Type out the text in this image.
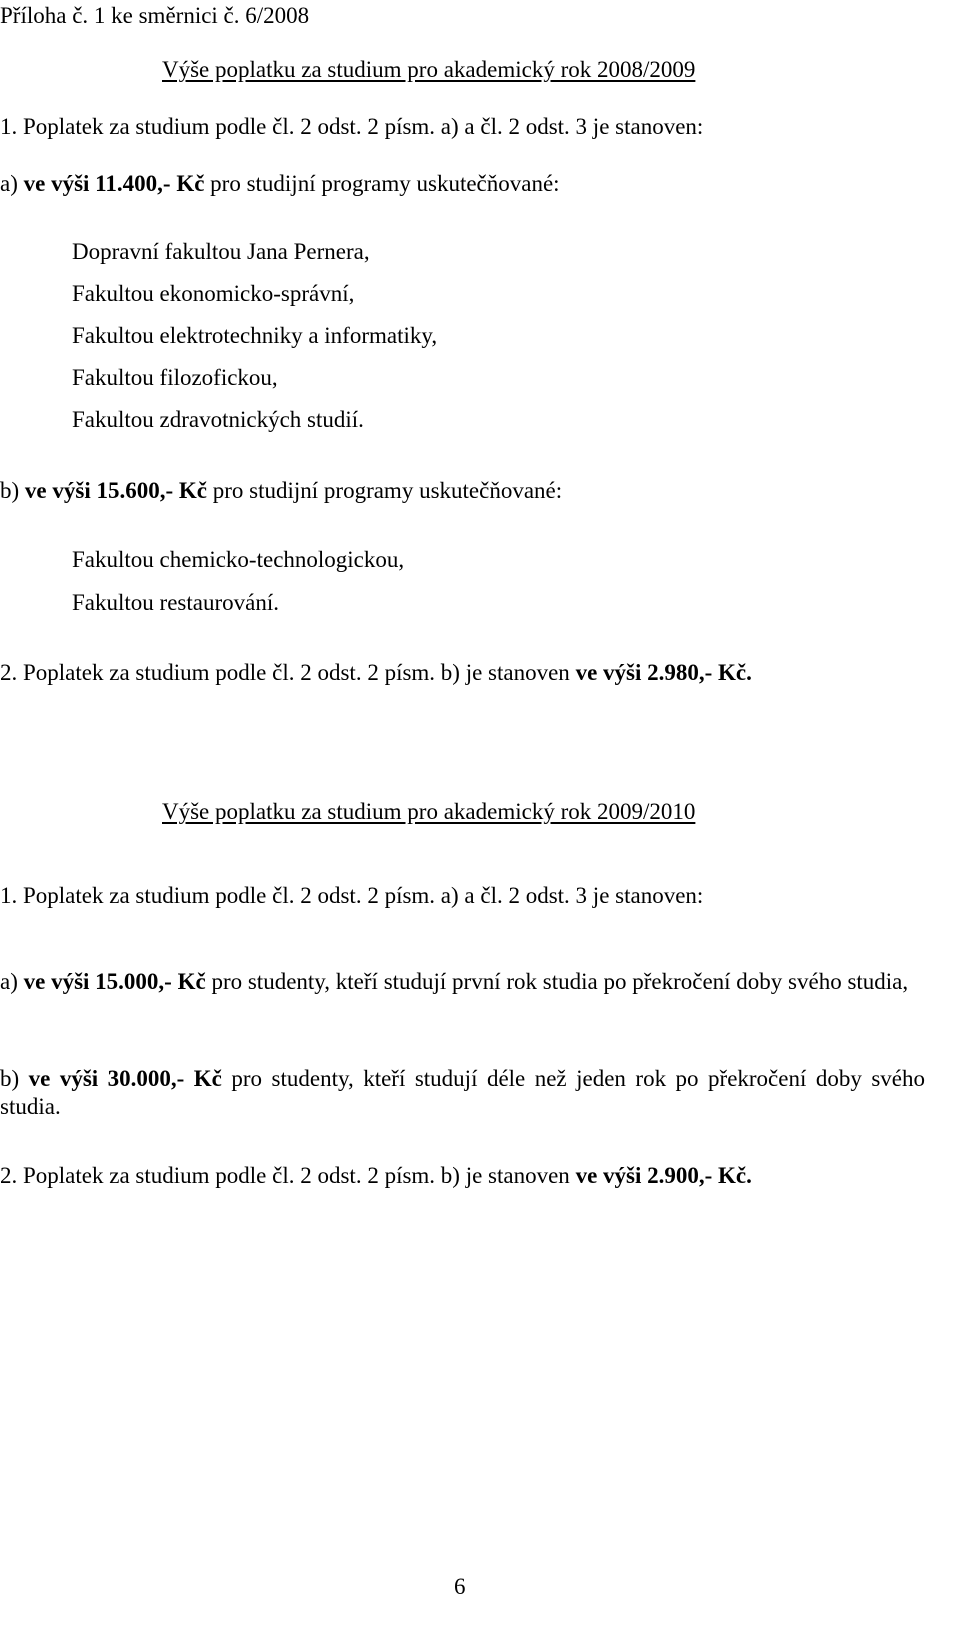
Příloha č. 1 ke směrnici č. 6/2008
Výše poplatku za studium pro akademický rok 2008/2009
1. Poplatek za studium podle čl. 2 odst. 2 písm. a) a čl. 2 odst. 3 je stanoven:
a) ve výši 11.400,- Kč pro studijní programy uskutečňované:
Dopravní fakultou Jana Pernera,
Fakultou ekonomicko-správní,
Fakultou elektrotechniky a informatiky,
Fakultou filozofickou,
Fakultou zdravotnických studií.
b) ve výši 15.600,- Kč pro studijní programy uskutečňované:
Fakultou chemicko-technologickou,
Fakultou restaurování.
2. Poplatek za studium podle čl. 2 odst. 2 písm. b) je stanoven ve výši 2.980,- Kč.
Výše poplatku za studium pro akademický rok 2009/2010
1. Poplatek za studium podle čl. 2 odst. 2 písm. a) a čl. 2 odst. 3 je stanoven:
a) ve výši 15.000,- Kč pro studenty, kteří studují první rok studia po překročení doby svého studia,
b) ve výši 30.000,- Kč pro studenty, kteří studují déle než jeden rok po překročení doby svého studia.
2. Poplatek za studium podle čl. 2 odst. 2 písm. b) je stanoven ve výši 2.900,- Kč.
6
